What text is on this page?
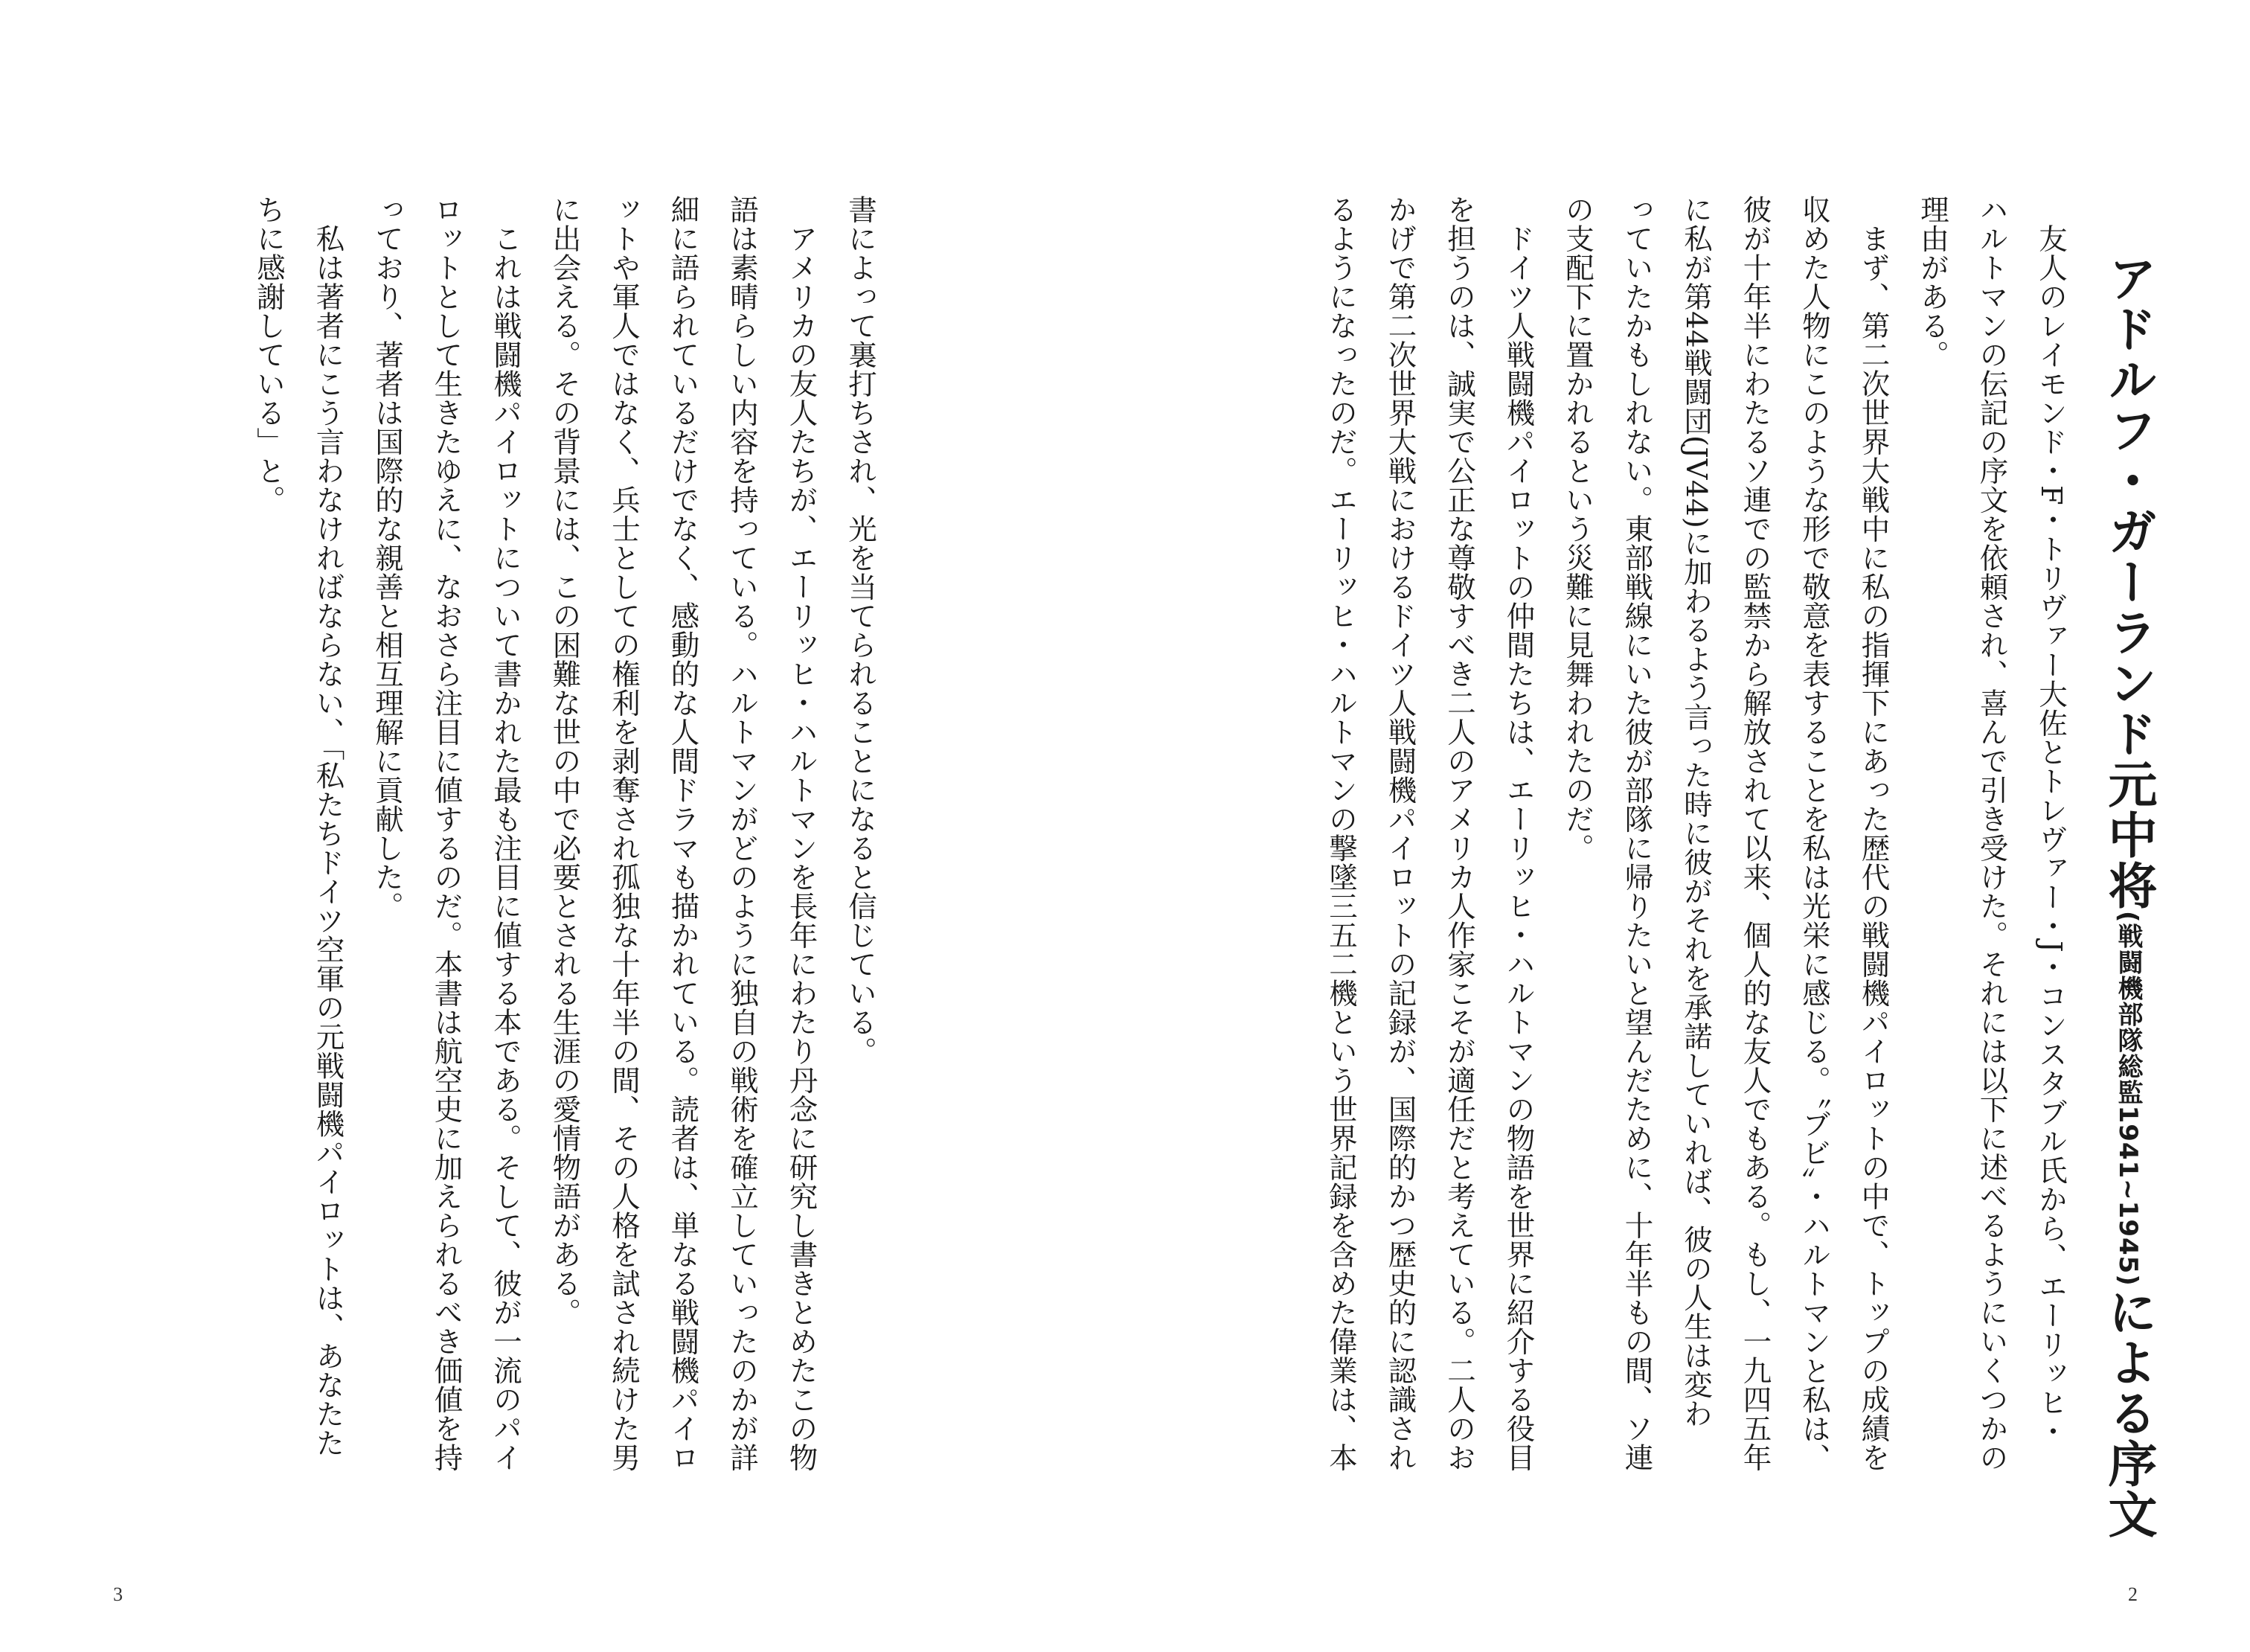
書によって裏打ちされ、光を当てられることになると信じている。

アメリカの友人たちが、エーリッヒ・ハルトマンを長年にわたり丹念に研究し書きとめたこの物

語は素晴らしい内容を持っている。ハルトマンがどのように独自の戦術を確立していったのかが詳

細に語られているだけでなく、感動的な人間ドラマも描かれている。読者は、単なる戦闘機パイロ

ットや軍人ではなく、兵士としての権利を剥奪され孤独な十年半の間、その人格を試され続けた男

に出会える。その背景には、この困難な世の中で必要とされる生涯の愛情物語がある。

これは戦闘機パイロットについて書かれた最も注目に値する本である。そして、彼が一流のパイ

ロットとして生きたゆえに、なおさら注目に値するのだ。本書は航空史に加えられるべき価値を持

っており、著者は国際的な親善と相互理解に貢献した。

私は著者にこう言わなければならない、「私たちドイツ空軍の元戦闘機パイロットは、あなたた

ちに感謝している」と。

3
アドルフ・ガーランド元中将(戦闘機部隊総監1941~1945)による序文

友人のレイモンド・F・トリヴァー大佐とトレヴァー・J・コンスタブル氏から、エーリッヒ・

ハルトマンの伝記の序文を依頼され、喜んで引き受けた。それには以下に述べるようにいくつかの

理由がある。

まず、第二次世界大戦中に私の指揮下にあった歴代の戦闘機パイロットの中で、トップの成績を

収めた人物にこのような形で敬意を表することを私は光栄に感じる。〝ブビ〟・ハルトマンと私は、

彼が十年半にわたるソ連での監禁から解放されて以来、個人的な友人でもある。もし、一九四五年

に私が第44戦闘団(JV44)に加わるよう言った時に彼がそれを承諾していれば、彼の人生は変わ

っていたかもしれない。東部戦線にいた彼が部隊に帰りたいと望んだために、十年半もの間、ソ連

の支配下に置かれるという災難に見舞われたのだ。

ドイツ人戦闘機パイロットの仲間たちは、エーリッヒ・ハルトマンの物語を世界に紹介する役目

を担うのは、誠実で公正な尊敬すべき二人のアメリカ人作家こそが適任だと考えている。二人のお

かげで第二次世界大戦におけるドイツ人戦闘機パイロットの記録が、国際的かつ歴史的に認識され

るようになったのだ。エーリッヒ・ハルトマンの撃墜三五二機という世界記録を含めた偉業は、本

2
